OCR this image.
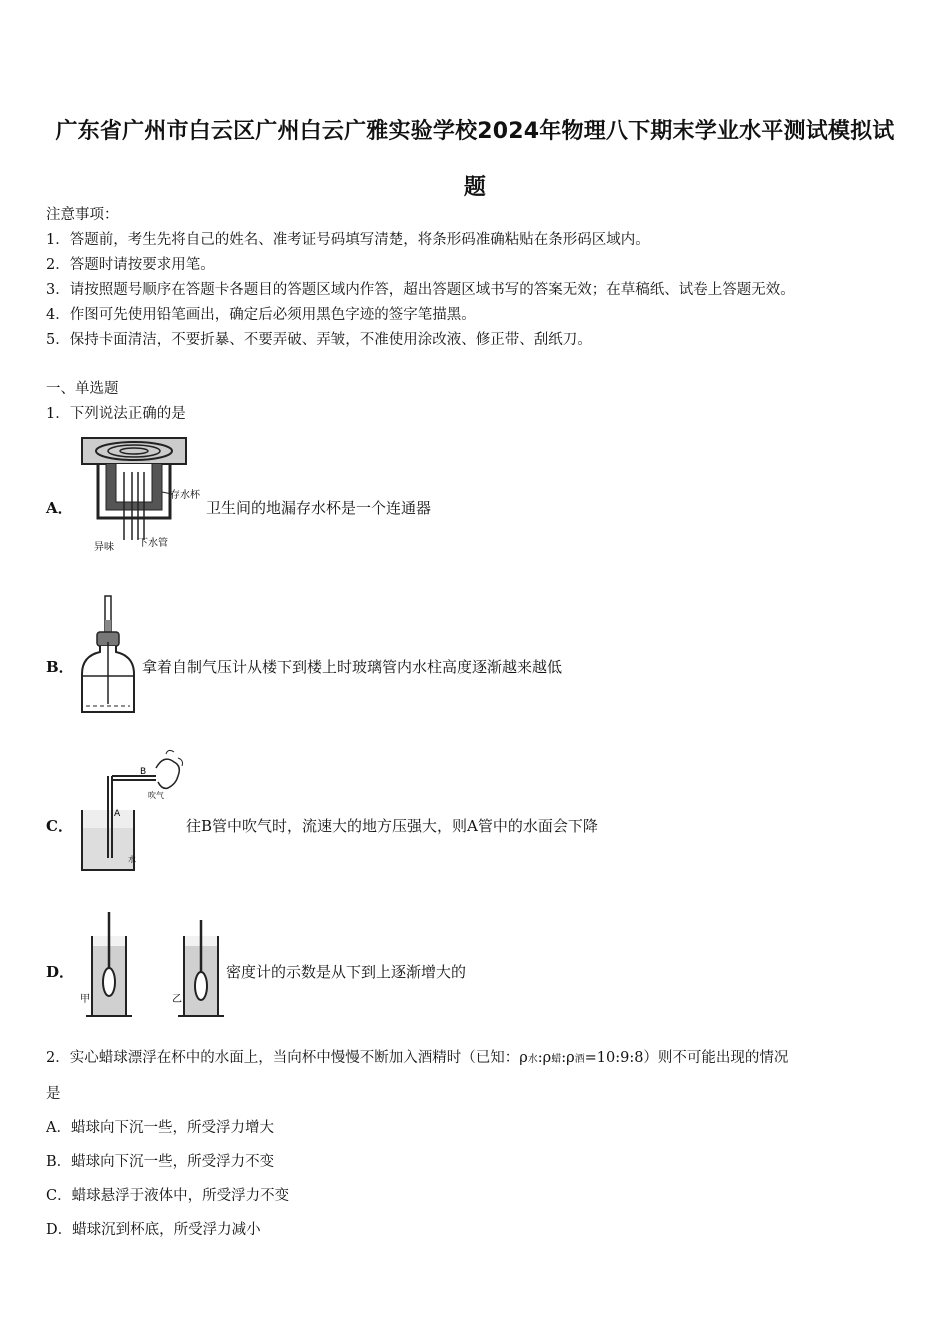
广东省广州市白云区广州白云广雅实验学校2024年物理八下期末学业水平测试模拟试
题
注意事项：
1．答题前，考生先将自己的姓名、准考证号码填写清楚，将条形码准确粘贴在条形码区域内。
2．答题时请按要求用笔。
3．请按照题号顺序在答题卡各题目的答题区域内作答，超出答题区域书写的答案无效；在草稿纸、试卷上答题无效。
4．作图可先使用铅笔画出，确定后必须用黑色字迹的签字笔描黑。
5．保持卡面清洁，不要折暴、不要弄破、弄皱，不准使用涂改液、修正带、刮纸刀。
一、单选题
1．下列说法正确的是
A．
存水杯
异味 下水管
卫生间的地漏存水杯是一个连通器
B．	拿着自制气压计从楼下到楼上时玻璃管内水柱高度逐渐越来越低
C．
A
B
吹气
水
往B管中吹气时，流速大的地方压强大，则A管中的水面会下降
D．
甲	乙
密度计的示数是从下到上逐渐增大的
2．实心蜡球漂浮在杯中的水面上，当向杯中慢慢不断加入酒精时（已知：ρ水:ρ蜡:ρ酒=10:9:8）则不可能出现的情况
是
A．蜡球向下沉一些，所受浮力增大
B．蜡球向下沉一些，所受浮力不变
C．蜡球悬浮于液体中，所受浮力不变
D．蜡球沉到杯底，所受浮力减小
